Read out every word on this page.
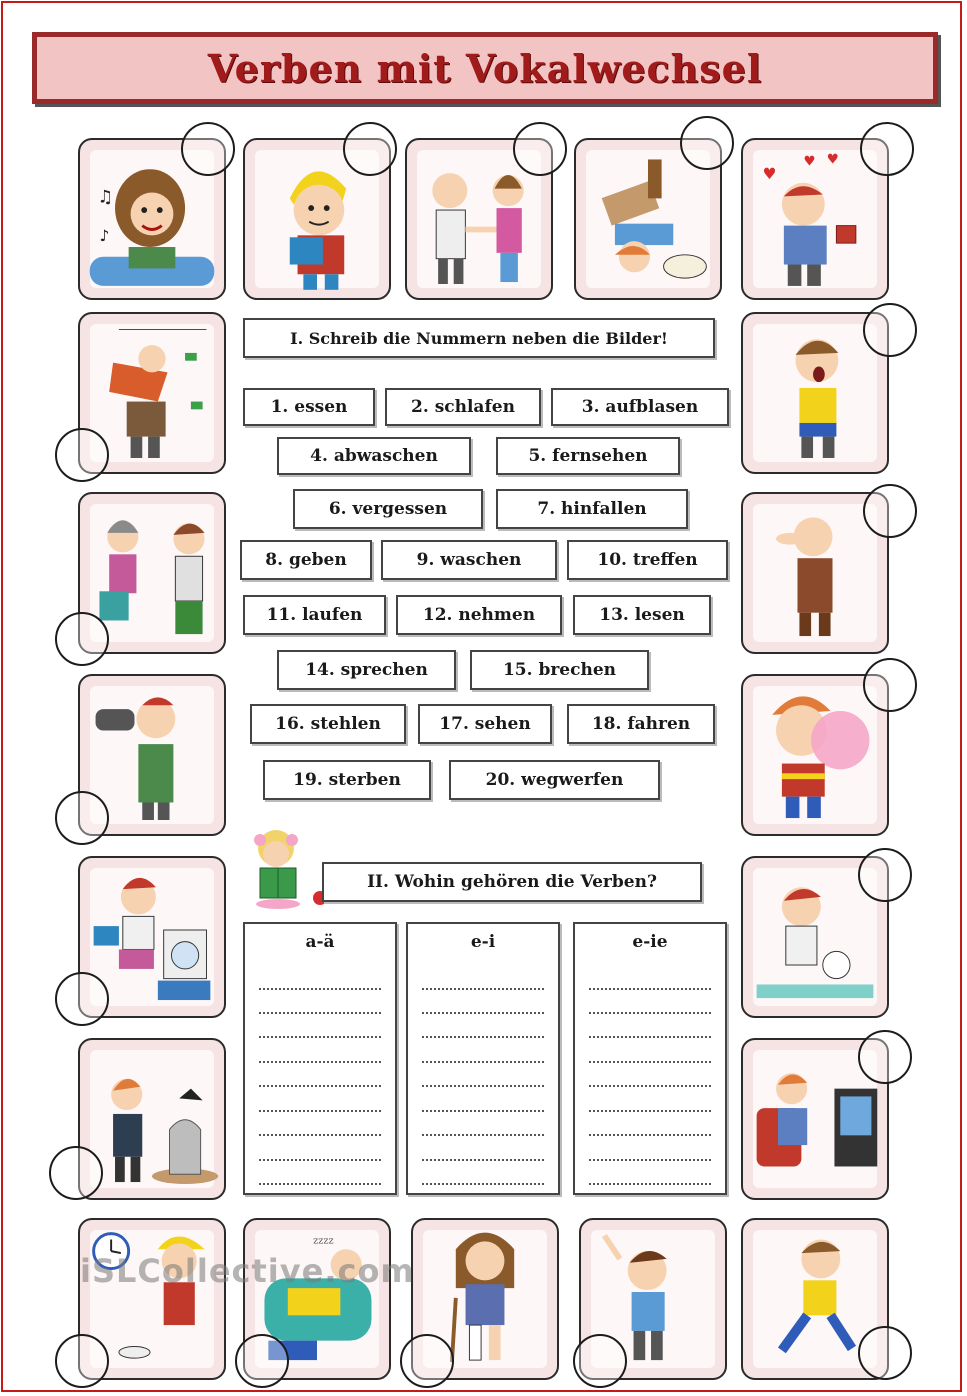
Verben mit Vokalwechsel
♫
♪
♥
♥ ♥
zzzz
I. Schreib die Nummern neben die Bilder!
1. essen	2. schlafen	3. aufblasen
4. abwaschen	5. fernsehen
6. vergessen	7. hinfallen
8. geben	9. waschen	10. treffen
11. laufen	12. nehmen	13. lesen
14. sprechen	15. brechen
16. stehlen	17. sehen	18. fahren
19. sterben	20. wegwerfen
II. Wohin gehören die Verben?
a-ä	e-i	e-ie
iSLCollective.com
